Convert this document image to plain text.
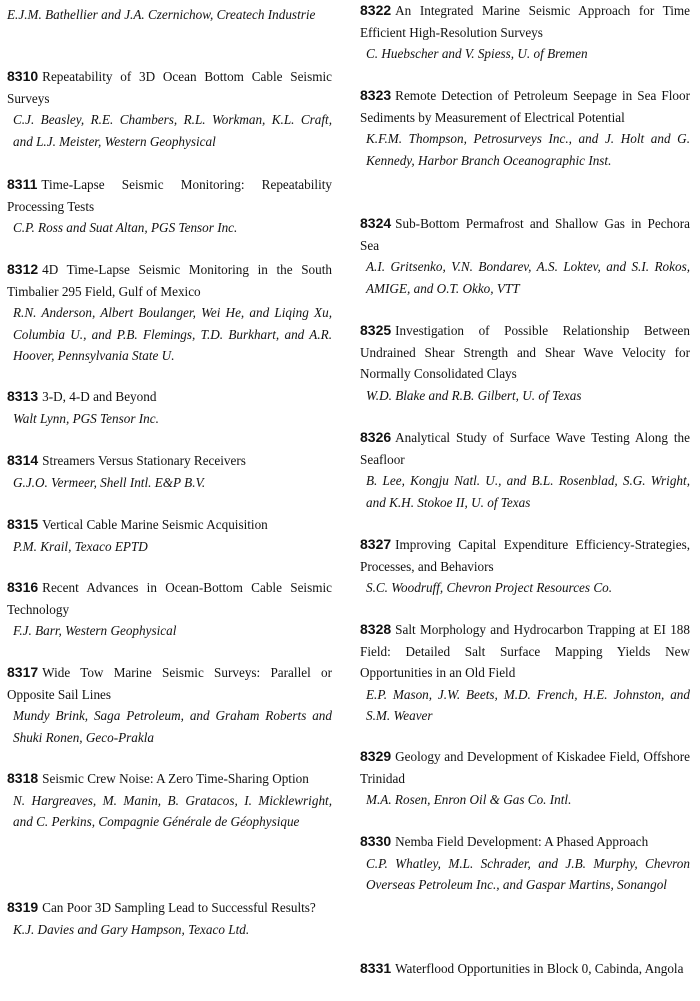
E.J.M. Bathellier and J.A. Czernichow, Createch Industrie

8310 Repeatability of 3D Ocean Bottom Cable Seismic Surveys

C.J. Beasley, R.E. Chambers, R.L. Workman, K.L. Craft, and L.J. Meister, Western Geophysical

8311 Time-Lapse Seismic Monitoring: Repeatability Processing Tests

C.P. Ross and Suat Altan, PGS Tensor Inc.

8312 4D Time-Lapse Seismic Monitoring in the South Timbalier 295 Field, Gulf of Mexico

R.N. Anderson, Albert Boulanger, Wei He, and Liqing Xu, Columbia U., and P.B. Flemings, T.D. Burkhart, and A.R. Hoover, Pennsylvania State U.

8313 3-D, 4-D and Beyond

Walt Lynn, PGS Tensor Inc.

8314 Streamers Versus Stationary Receivers

G.J.O. Vermeer, Shell Intl. E&P B.V.

8315 Vertical Cable Marine Seismic Acquisition

P.M. Krail, Texaco EPTD

8316 Recent Advances in Ocean-Bottom Cable Seismic Technology

F.J. Barr, Western Geophysical

8317 Wide Tow Marine Seismic Surveys: Parallel or Opposite Sail Lines

Mundy Brink, Saga Petroleum, and Graham Roberts and Shuki Ronen, Geco-Prakla

8318 Seismic Crew Noise: A Zero Time-Sharing Option

N. Hargreaves, M. Manin, B. Gratacos, I. Micklewright, and C. Perkins, Compagnie Générale de Géophysique

8319 Can Poor 3D Sampling Lead to Successful Results?

K.J. Davies and Gary Hampson, Texaco Ltd.

8322 An Integrated Marine Seismic Approach for Time Efficient High-Resolution Surveys

C. Huebscher and V. Spiess, U. of Bremen

8323 Remote Detection of Petroleum Seepage in Sea Floor Sediments by Measurement of Electrical Potential

K.F.M. Thompson, Petrosurveys Inc., and J. Holt and G. Kennedy, Harbor Branch Oceanographic Inst.

8324 Sub-Bottom Permafrost and Shallow Gas in Pechora Sea

A.I. Gritsenko, V.N. Bondarev, A.S. Loktev, and S.I. Rokos, AMIGE, and O.T. Okko, VTT

8325 Investigation of Possible Relationship Between Undrained Shear Strength and Shear Wave Velocity for Normally Consolidated Clays

W.D. Blake and R.B. Gilbert, U. of Texas

8326 Analytical Study of Surface Wave Testing Along the Seafloor

B. Lee, Kongju Natl. U., and B.L. Rosenblad, S.G. Wright, and K.H. Stokoe II, U. of Texas

8327 Improving Capital Expenditure Efficiency-Strategies, Processes, and Behaviors

S.C. Woodruff, Chevron Project Resources Co.

8328 Salt Morphology and Hydrocarbon Trapping at EI 188 Field: Detailed Salt Surface Mapping Yields New Opportunities in an Old Field

E.P. Mason, J.W. Beets, M.D. French, H.E. Johnston, and S.M. Weaver

8329 Geology and Development of Kiskadee Field, Offshore Trinidad

M.A. Rosen, Enron Oil & Gas Co. Intl.

8330 Nemba Field Development: A Phased Approach

C.P. Whatley, M.L. Schrader, and J.B. Murphy, Chevron Overseas Petroleum Inc., and Gaspar Martins, Sonangol

8331 Waterflood Opportunities in Block 0, Cabinda, Angola
